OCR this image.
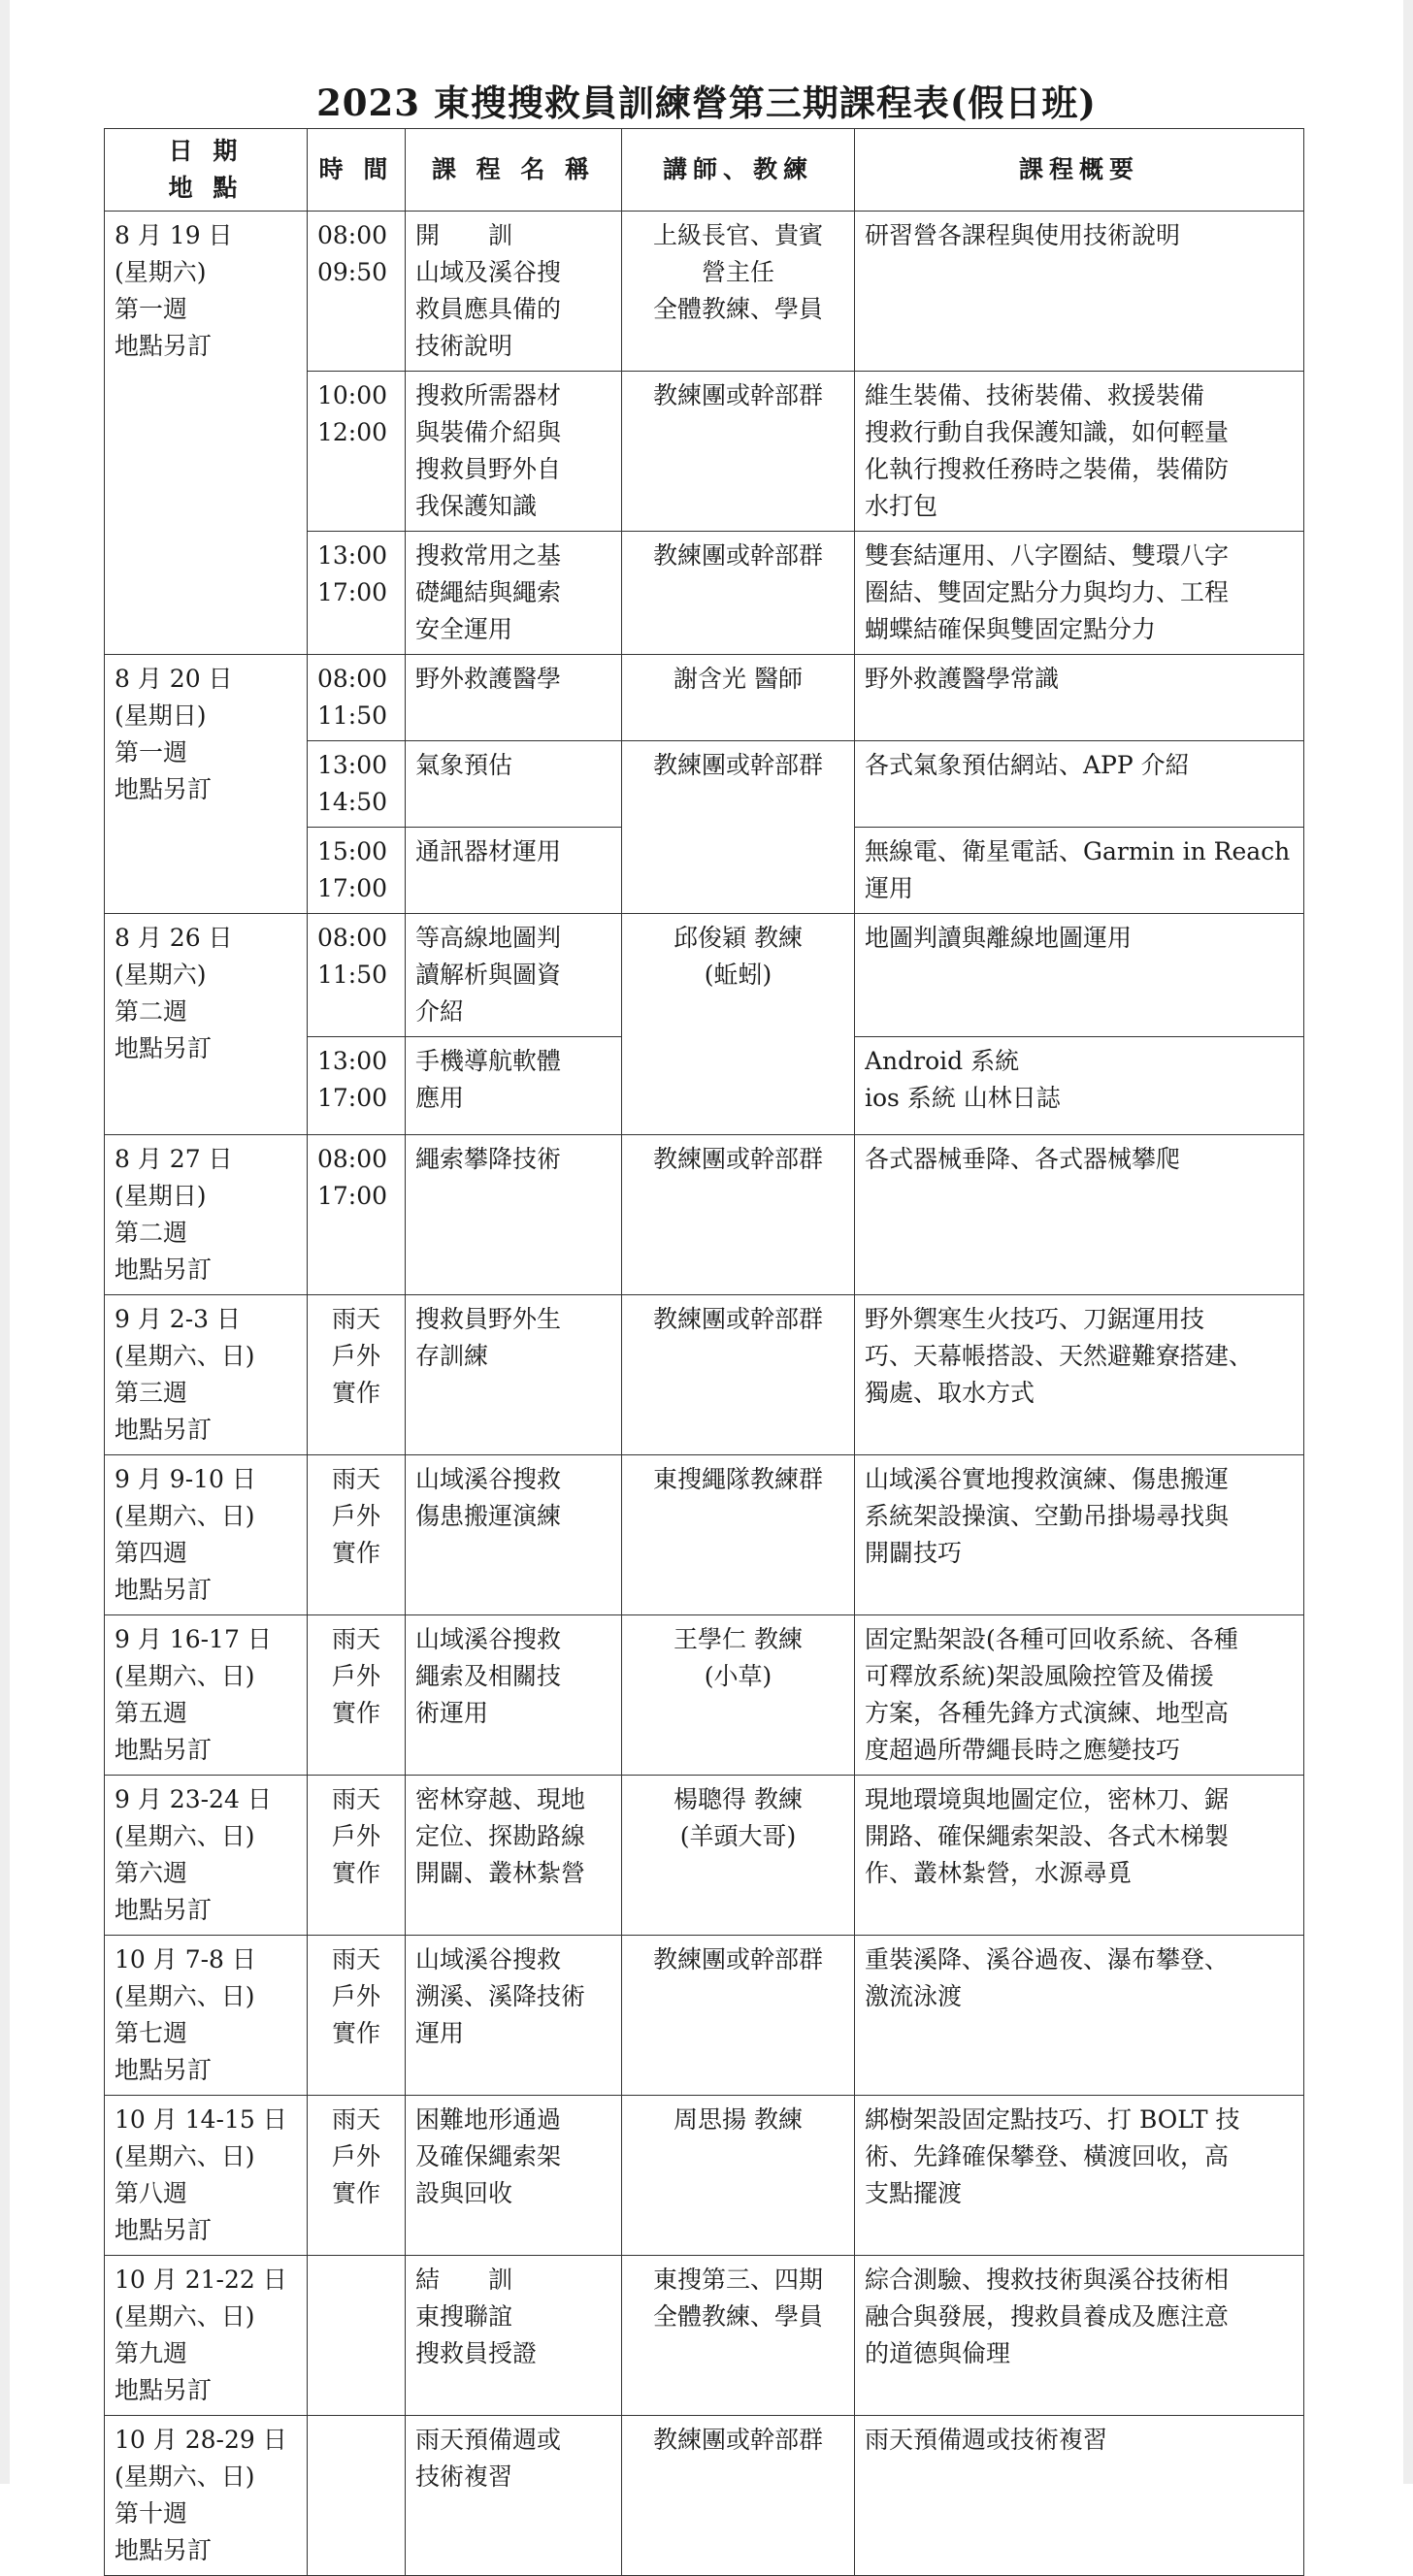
2023 東搜搜救員訓練營第三期課程表(假日班)
日 期
地 點	時 間	課 程 名 稱	講師、教練	課程概要

8 月 19 日
(星期六)
第一週
地點另訂	08:00
09:50	開　　訓
山域及溪谷搜
救員應具備的
技術說明	上級長官、貴賓
營主任
全體教練、學員	研習營各課程與使用技術說明

	10:00
12:00	搜救所需器材
與裝備介紹與
搜救員野外自
我保護知識	教練團或幹部群	維生裝備、技術裝備、救援裝備
搜救行動自我保護知識，如何輕量
化執行搜救任務時之裝備，裝備防
水打包

	13:00
17:00	搜救常用之基
礎繩結與繩索
安全運用	教練團或幹部群	雙套結運用、八字圈結、雙環八字
圈結、雙固定點分力與均力、工程
蝴蝶結確保與雙固定點分力

8 月 20 日
(星期日)
第一週
地點另訂	08:00
11:50	野外救護醫學	謝含光 醫師	野外救護醫學常識

	13:00
14:50	氣象預估	教練團或幹部群	各式氣象預估網站、APP 介紹

	15:00
17:00	通訊器材運用		無線電、衛星電話、Garmin in Reach
運用

8 月 26 日
(星期六)
第二週
地點另訂	08:00
11:50	等高線地圖判
讀解析與圖資
介紹	邱俊穎 教練
(蚯蚓)	地圖判讀與離線地圖運用

	13:00
17:00	手機導航軟體
應用		Android 系統
ios 系統 山林日誌

8 月 27 日
(星期日)
第二週
地點另訂	08:00
17:00	繩索攀降技術	教練團或幹部群	各式器械垂降、各式器械攀爬

9 月 2-3 日
(星期六、日)
第三週
地點另訂	雨天
戶外
實作	搜救員野外生
存訓練	教練團或幹部群	野外禦寒生火技巧、刀鋸運用技
巧、天幕帳搭設、天然避難寮搭建、
獨處、取水方式

9 月 9-10 日
(星期六、日)
第四週
地點另訂	雨天
戶外
實作	山域溪谷搜救
傷患搬運演練	東搜繩隊教練群	山域溪谷實地搜救演練、傷患搬運
系統架設操演、空勤吊掛場尋找與
開闢技巧

9 月 16-17 日
(星期六、日)
第五週
地點另訂	雨天
戶外
實作	山域溪谷搜救
繩索及相關技
術運用	王學仁 教練
(小草)	固定點架設(各種可回收系統、各種
可釋放系統)架設風險控管及備援
方案，各種先鋒方式演練、地型高
度超過所帶繩長時之應變技巧

9 月 23-24 日
(星期六、日)
第六週
地點另訂	雨天
戶外
實作	密林穿越、現地
定位、探勘路線
開闢、叢林紮營	楊聰得 教練
(羊頭大哥)	現地環境與地圖定位，密林刀、鋸
開路、確保繩索架設、各式木梯製
作、叢林紮營，水源尋覓

10 月 7-8 日
(星期六、日)
第七週
地點另訂	雨天
戶外
實作	山域溪谷搜救
溯溪、溪降技術
運用	教練團或幹部群	重裝溪降、溪谷過夜、瀑布攀登、
激流泳渡

10 月 14-15 日
(星期六、日)
第八週
地點另訂	雨天
戶外
實作	困難地形通過
及確保繩索架
設與回收	周思揚 教練	綁樹架設固定點技巧、打 BOLT 技
術、先鋒確保攀登、橫渡回收，高
支點擺渡

10 月 21-22 日
(星期六、日)
第九週
地點另訂		結　　訓
東搜聯誼
搜救員授證	東搜第三、四期
全體教練、學員	綜合測驗、搜救技術與溪谷技術相
融合與發展，搜救員養成及應注意
的道德與倫理

10 月 28-29 日
(星期六、日)
第十週
地點另訂		雨天預備週或
技術複習	教練團或幹部群	雨天預備週或技術複習
